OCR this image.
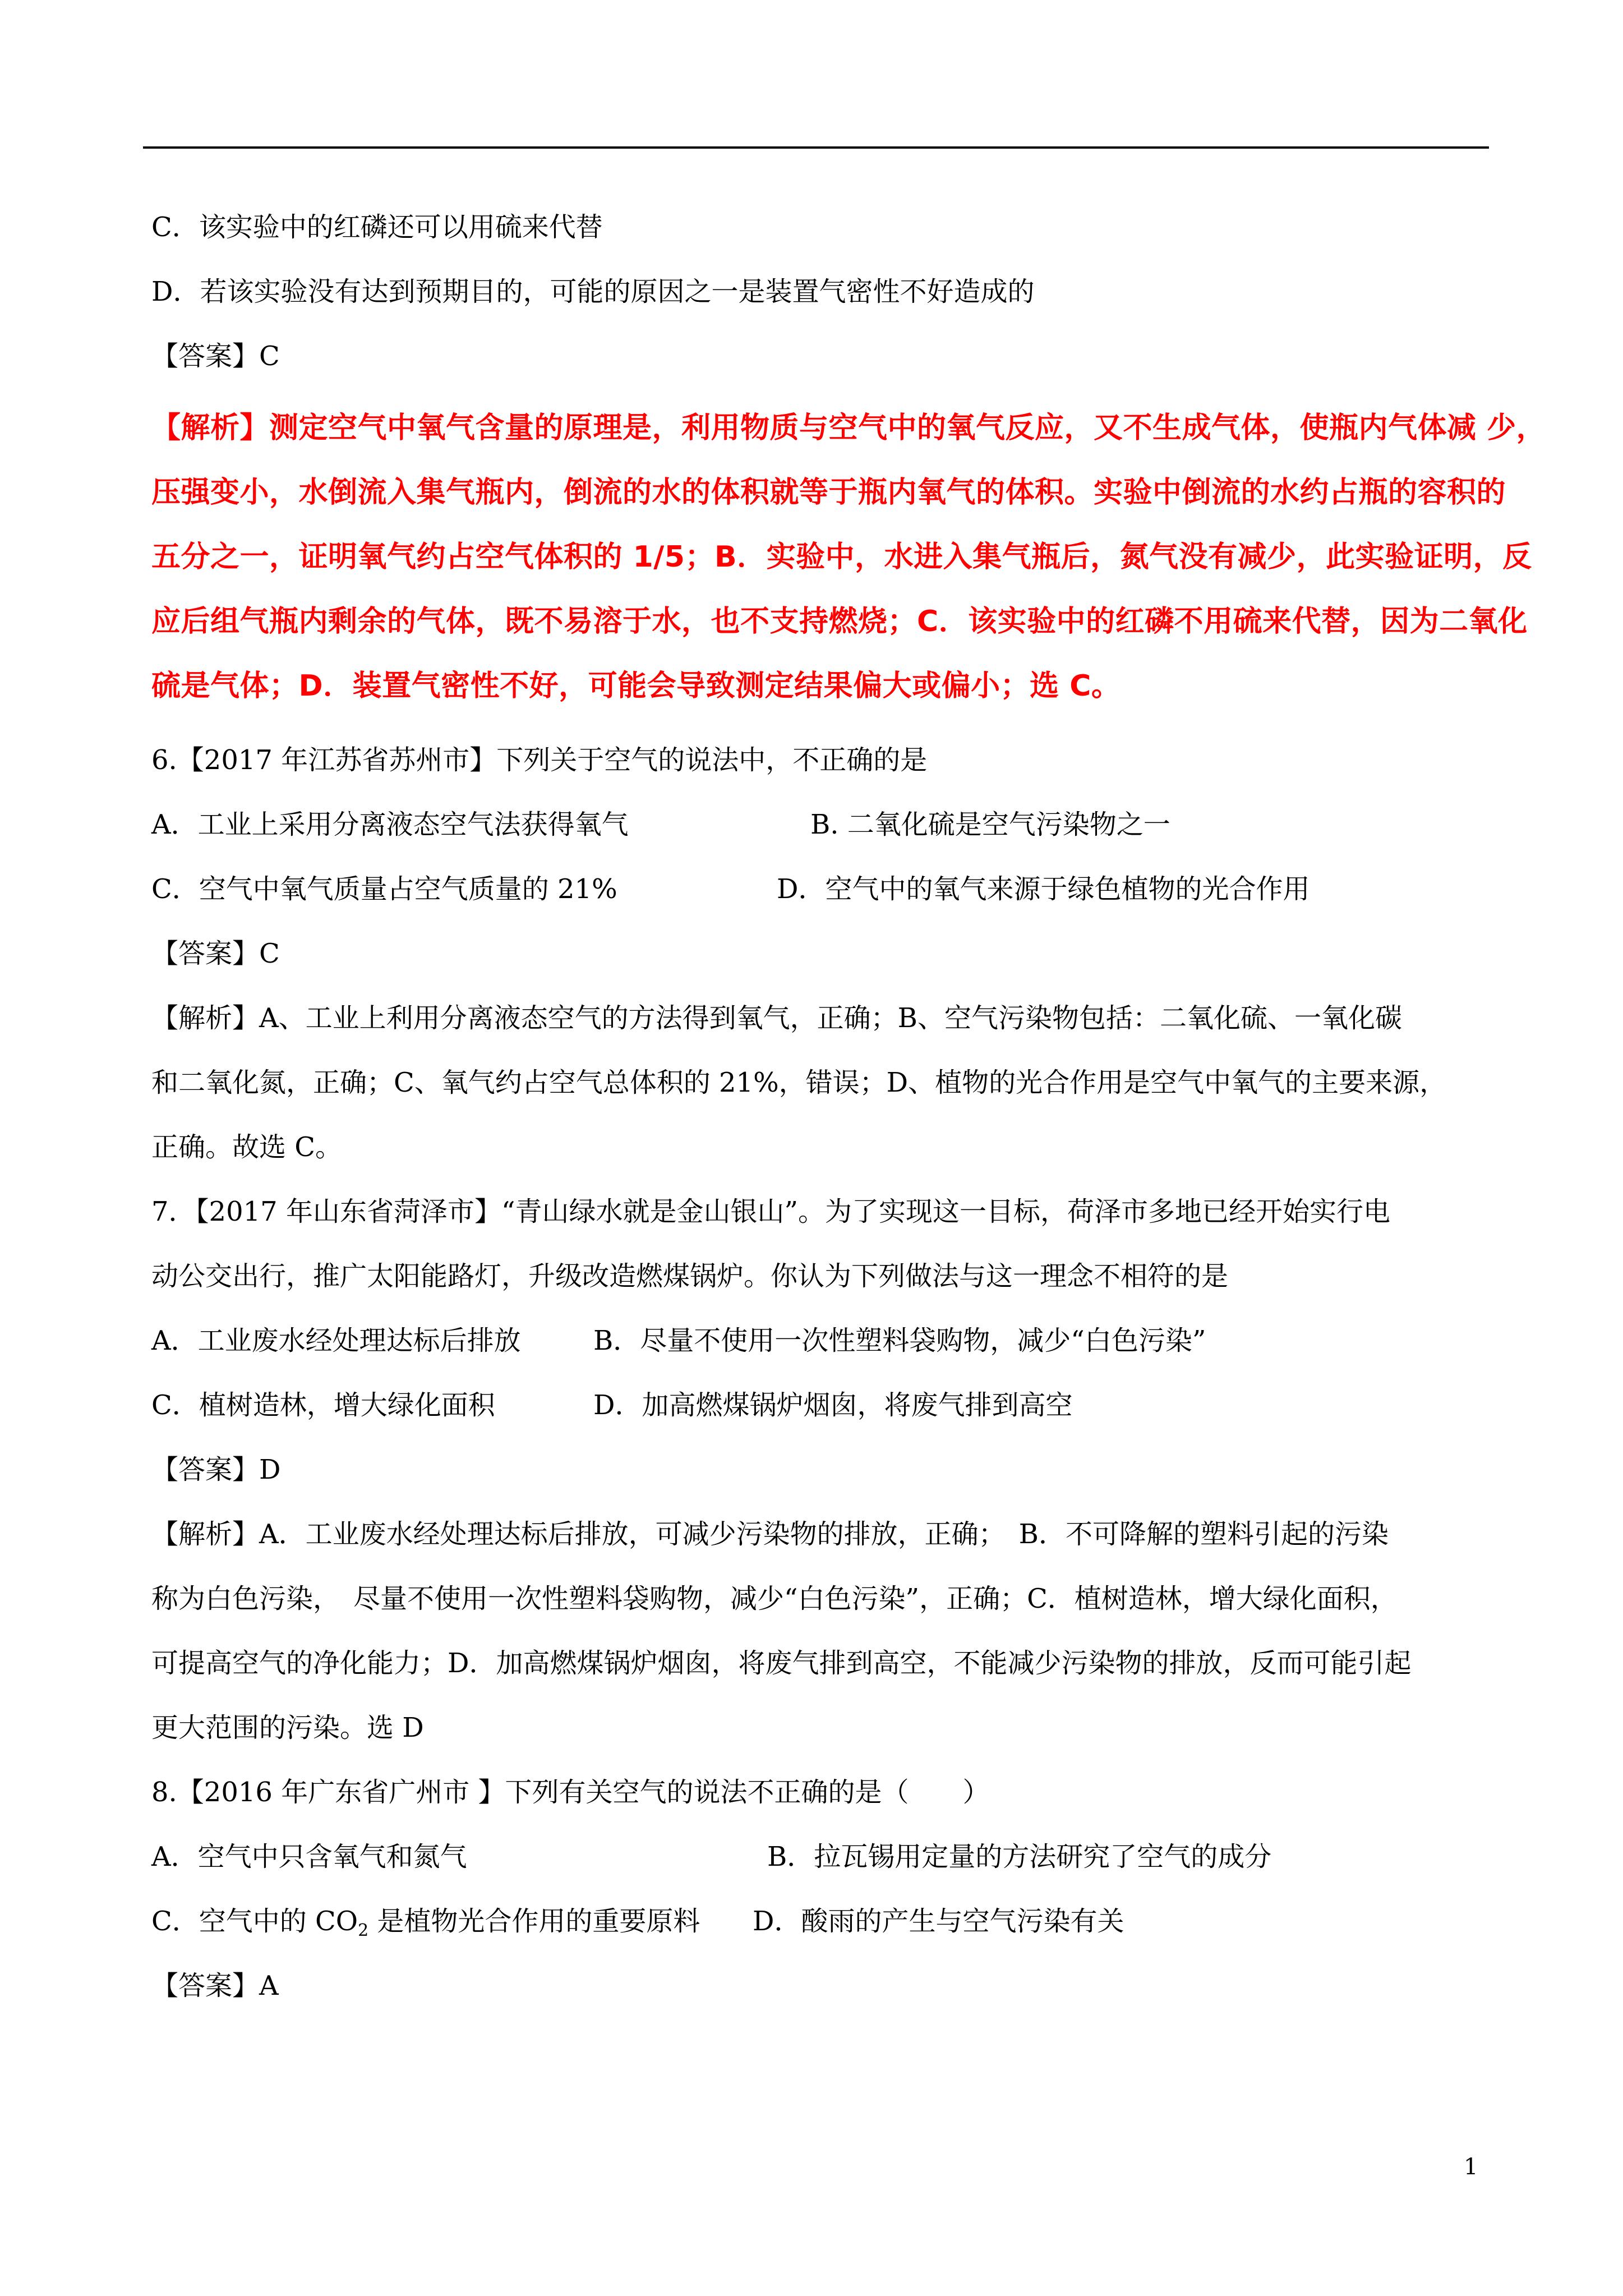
C．该实验中的红磷还可以用硫来代替
D．若该实验没有达到预期目的，可能的原因之一是装置气密性不好造成的
【答案】C
【解析】测定空气中氧气含量的原理是，利用物质与空气中的氧气反应，又不生成气体，使瓶内气体减 少，
压强变小，水倒流入集气瓶内，倒流的水的体积就等于瓶内氧气的体积。实验中倒流的水约占瓶的容积的
五分之一，证明氧气约占空气体积的 1/5；B．实验中，水进入集气瓶后，氮气没有减少，此实验证明，反
应后组气瓶内剩余的气体，既不易溶于水，也不支持燃烧；C．该实验中的红磷不用硫来代替，因为二氧化
硫是气体；D．装置气密性不好，可能会导致测定结果偏大或偏小；选 C。
6.【2017 年江苏省苏州市】下列关于空气的说法中，不正确的是
A．工业上采用分离液态空气法获得氧气	B. 二氧化硫是空气污染物之一
C．空气中氧气质量占空气质量的 21%	D．空气中的氧气来源于绿色植物的光合作用
【答案】C
【解析】A、工业上利用分离液态空气的方法得到氧气，正确；B、空气污染物包括：二氧化硫、一氧化碳
和二氧化氮，正确；C、氧气约占空气总体积的 21%，错误；D、植物的光合作用是空气中氧气的主要来源，
正确。故选 C。
7．【2017 年山东省菏泽市】“青山绿水就是金山银山”。为了实现这一目标，荷泽市多地已经开始实行电
动公交出行，推广太阳能路灯，升级改造燃煤锅炉。你认为下列做法与这一理念不相符的是
A．工业废水经处理达标后排放	B．尽量不使用一次性塑料袋购物，减少“白色污染”
C．植树造林，增大绿化面积	D．加高燃煤锅炉烟囱，将废气排到高空
【答案】D
【解析】A．工业废水经处理达标后排放，可减少污染物的排放，正确；　B．不可降解的塑料引起的污染
称为白色污染，　尽量不使用一次性塑料袋购物，减少“白色污染”，正确；C．植树造林，增大绿化面积，
可提高空气的净化能力；D．加高燃煤锅炉烟囱，将废气排到高空，不能减少污染物的排放，反而可能引起
更大范围的污染。选 D
8.【2016 年广东省广州市 】下列有关空气的说法不正确的是（　　）
A．空气中只含氧气和氮气	B．拉瓦锡用定量的方法研究了空气的成分
C．空气中的 $CO_2$ 是植物光合作用的重要原料 D．酸雨的产生与空气污染有关
【答案】A
1
